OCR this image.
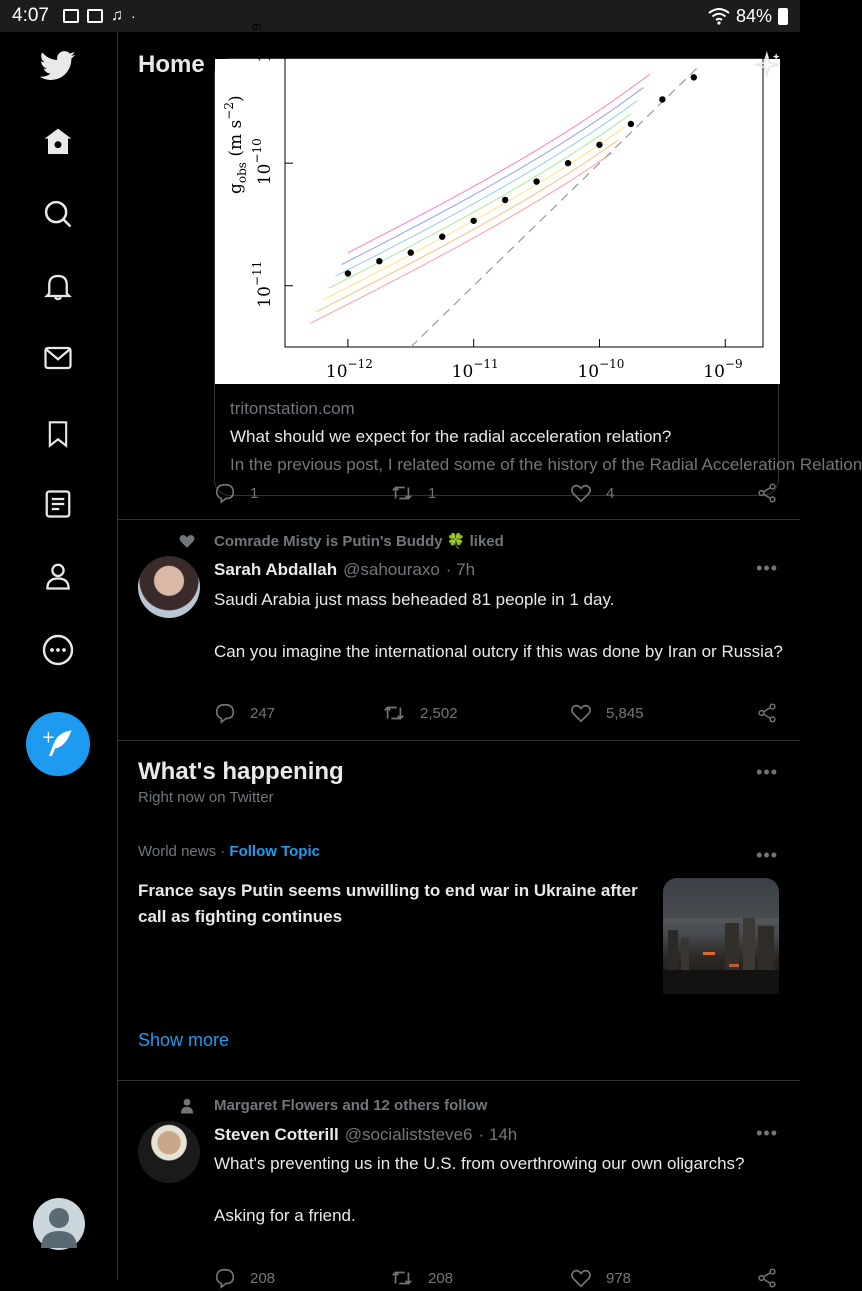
4:07	♫ ·	84%
+
Home
$10^{-12}$	$10^{-11}$	$10^{-10}$	$10^{-9}$
$10^{-11}$
$10^{-10}$
$10^{-9}$
$g_{obs}$ (m $s^{-2}$)
tritonstation.com
What should we expect for the radial acceleration relation?
In the previous post, I related some of the history of the Radial Acceleration Relation
1	1	4
Comrade Misty is Putin's Buddy 🍀 liked
Sarah Abdallah @sahouraxo · 7h	•••
Saudi Arabia just mass beheaded 81 people in 1 day.

Can you imagine the international outcry if this was done by Iran or Russia?
247	2,502	5,845
What's happening	•••
Right now on Twitter
World news · Follow Topic	•••
France says Putin seems unwilling to end war in Ukraine after call as fighting continues
Show more
Margaret Flowers and 12 others follow
Steven Cotterill @socialiststeve6 · 14h	•••
What's preventing us in the U.S. from overthrowing our own oligarchs?

Asking for a friend.
208	208	978
